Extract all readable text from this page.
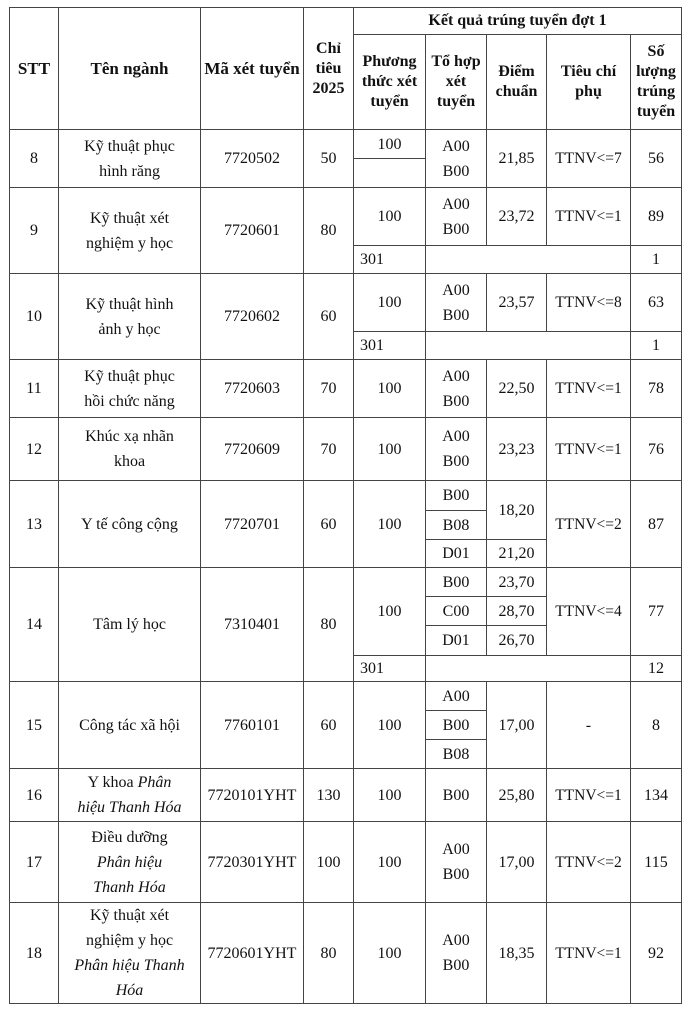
STT	Tên ngành	Mã xét tuyển	Chỉ
tiêu
2025	Kết quả trúng tuyển đợt 1				

				Phương
thức xét
tuyển	Tổ hợp
xét
tuyển	Điểm
chuẩn	Tiêu chí
phụ	Số
lượng
trúng
tuyển

8	Kỹ thuật phục
hình răng	7720502	50	100	A00
B00	21,85	TTNV<=7	56

9	Kỹ thuật xét
nghiệm y học	7720601	80	100	A00
B00	23,72	TTNV<=1	89
				301				1
10	Kỹ thuật hình
ảnh y học	7720602	60	100	A00
B00	23,57	TTNV<=8	63
				301				1
11	Kỹ thuật phục
hồi chức năng	7720603	70	100	A00
B00	22,50	TTNV<=1	78
12	Khúc xạ nhãn
khoa	7720609	70	100	A00
B00	23,23	TTNV<=1	76
13	Y tế công cộng	7720701	60	100	B00	18,20	TTNV<=2	87
					B08			
					D01	21,20		
14	Tâm lý học	7310401	80	100	B00	23,70	TTNV<=4	77
					C00	28,70		
					D01	26,70		
				301				12
15	Công tác xã hội	7760101	60	100	A00	17,00	-	8
					B00			
					B08			
16	Y khoa Phân
hiệu Thanh Hóa	7720101YHT	130	100	B00	25,80	TTNV<=1	134
17	Điều dưỡng
Phân hiệu
Thanh Hóa	7720301YHT	100	100	A00
B00	17,00	TTNV<=2	115
18	Kỹ thuật xét
nghiệm y học
Phân hiệu Thanh
Hóa	7720601YHT	80	100	A00
B00	18,35	TTNV<=1	92
